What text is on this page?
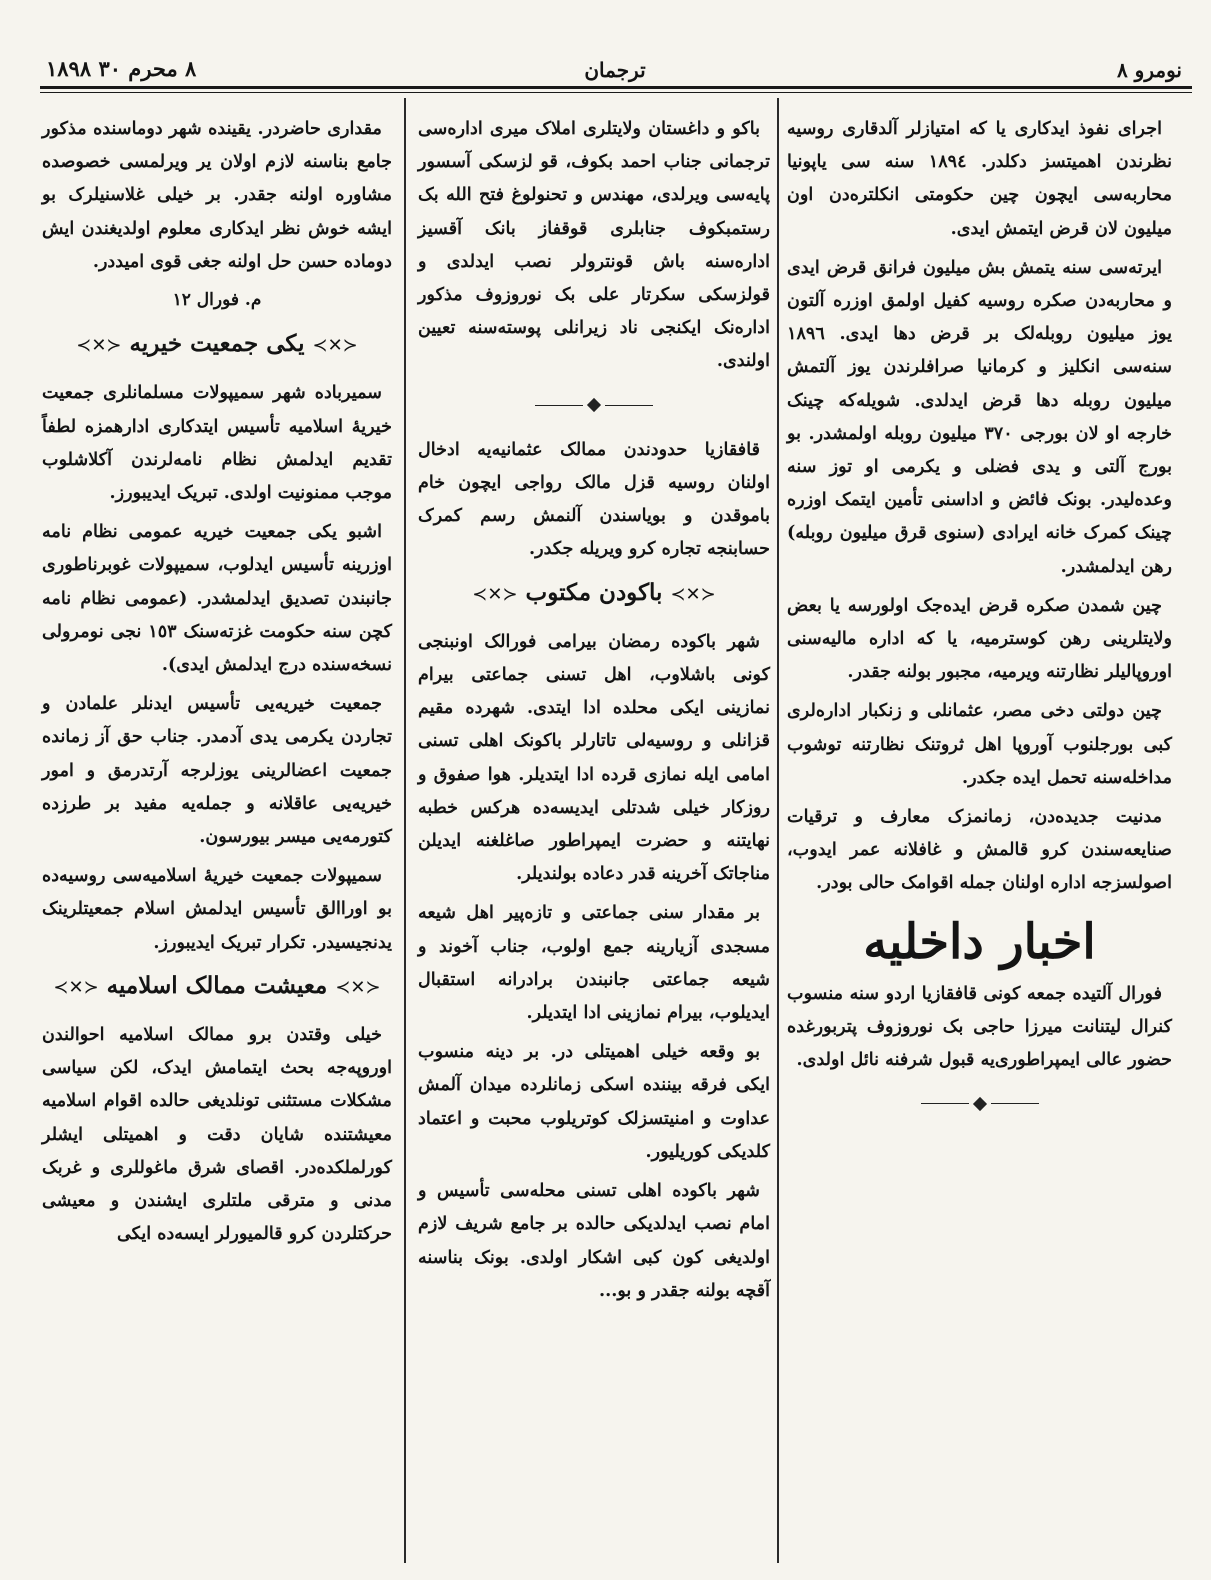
نومرو ٨
ترجمان
٨ محرم ٣٠ ١٨٩٨

اجرای نفوذ ایدکاری یا که امتیازلر آلدقاری روسیه نظرندن اهمیتسز دکلدر. ١٨٩٤ سنه سی یاپونیا محاربه‌سی ایچون چین حکومتی انکلتره‌دن اون میلیون لان قرض ایتمش ایدی.

ایرته‌سی سنه یتمش بش میلیون فرانق قرض ایدی و محاربه‌دن صکره روسیه کفیل اولمق اوزره آلتون یوز میلیون روبله‌لک بر قرض دها ایدی. ١٨٩٦ سنه‌سی انکلیز و کرمانیا صرافلرندن یوز آلتمش میلیون روبله دها قرض ایدلدی. شویله‌که چینک خارجه او لان بورجی ٣٧٠ میلیون روبله اولمشدر. بو بورج آلتی و یدی فضلی و یکرمی او توز سنه وعده‌لیدر. بونک فائض و اداسنی تأمین ایتمک اوزره چینک کمرک خانه ایرادی (سنوی قرق میلیون روبله) رهن ایدلمشدر.

چین شمدن صکره قرض ایده‌جک اولورسه یا بعض ولایتلرینی رهن کوسترمیه، یا که اداره مالیه‌سنی اوروپالیلر نظارتنه ویرمیه، مجبور بولنه جقدر.

چین دولتی دخی مصر، عثمانلی و زنکبار اداره‌لری کبی بورجلنوب آوروپا اهل ثروتنک نظارتنه توشوب مداخله‌سنه تحمل ایده جکدر.

مدنیت جدیده‌دن، زمانمزک معارف و ترقیات صنایعه‌سندن کرو قالمش و غافلانه عمر ایدوب، اصولسزجه اداره اولنان جمله اقوامک حالی بودر.

اخبار داخلیه

فورال آلتیده جمعه کونی قافقازیا اردو سنه منسوب کنرال لیتنانت میرزا حاجی بک نوروزوف پتربورغده حضور عالی ایمپراطوری‌یه قبول شرفنه نائل اولدی.

باکو و داغستان ولایتلری املاک میری اداره‌سی ترجمانی جناب احمد بکوف، قو لزسکی آسسور پایه‌سی ویرلدی، مهندس و تحنولوغ فتح الله بک رستمبکوف جنابلری قوقفاز بانک آقسیز اداره‌سنه باش قونترولر نصب ایدلدی و قولزسکی سکرتار علی بک نوروزوف مذکور اداره‌نک ایکنجی ناد زیرانلی پوسته‌سنه تعیین اولندی.

قافقازیا حدودندن ممالک عثمانیه‌یه ادخال اولنان روسیه قزل مالک رواجی ایچون خام باموقدن و بویاسندن آلنمش رسم کمرک حسابنجه تجاره کرو ویریله جکدر.

≺✕≻باکودن مکتوب≺✕≻

شهر باکوده رمضان بیرامی فورالک اونبنجی کونی باشلاوب، اهل تسنی جماعتی بیرام نمازینی ایکی محلده ادا ایتدی. شهرده مقیم قزانلی و روسیه‌لی تاتارلر باکونک اهلی تسنی امامی ایله نمازی قرده ادا ایتدیلر. هوا صفوق و روزکار خیلی شدتلی ایدیسه‌ده هرکس خطبه نهایتنه و حضرت ایمپراطور صاغلغنه ایدیلن مناجاتک آخرینه قدر دعاده بولندیلر.

بر مقدار سنی جماعتی و تازه‌پیر اهل شیعه مسجدی آزیارینه جمع اولوب، جناب آخوند و شیعه جماعتی جانبندن برادرانه استقبال ایدیلوب، بیرام نمازینی ادا ایتدیلر.

بو وقعه خیلی اهمیتلی در. بر دینه منسوب ایکی فرقه بیننده اسکی زمانلرده میدان آلمش عداوت و امنیتسزلک کوتریلوب محبت و اعتماد کلدیکی کوریلیور.

شهر باکوده اهلی تسنی محله‌سی تأسیس و امام نصب ایدلدیکی حالده بر جامع شریف لازم اولدیغی کون کبی اشکار اولدی. بونک بناسنه آقچه بولنه جقدر و بو...

مقداری حاضردر. یقینده شهر دوماسنده مذکور جامع بناسنه لازم اولان یر ویرلمسی خصوصده مشاوره اولنه جقدر. بر خیلی غلاسنیلرک بو ایشه خوش نظر ایدکاری معلوم اولدیغندن ایش دوماده حسن حل اولنه جغی قوی امیددر.

م. فورال ١٢
≺✕≻یکی جمعیت خیریه≺✕≻

سمیرباده شهر سمیپولات مسلمانلری جمعیت خیریهٔ اسلامیه تأسیس ایتدکاری ادارهمزه لطفاً تقدیم ایدلمش نظام نامه‌لرندن آکلاشلوب موجب ممنونیت اولدی. تبریک ایدیبورز.

اشبو یکی جمعیت خیریه عمومی نظام نامه اوزرینه تأسیس ایدلوب، سمیپولات غوبرناطوری جانبندن تصدیق ایدلمشدر. (عمومی نظام نامه کچن سنه حکومت غزته‌سنک ١٥٣ نجی نومرولی نسخه‌سنده درج ایدلمش ایدی).

جمعیت خیریه‌یی تأسیس ایدنلر علمادن و تجاردن یکرمی یدی آدمدر. جناب حق آز زمانده جمعیت اعضالرینی یوزلرجه آرتدرمق و امور خیریه‌یی عاقلانه و جمله‌یه مفید بر طرزده کتورمه‌یی میسر بیورسون.

سمیپولات جمعیت خیریهٔ اسلامیه‌سی روسیه‌ده بو اوراالق تأسیس ایدلمش اسلام جمعیتلرینک یدنجیسیدر. تکرار تبریک ایدیبورز.

≺✕≻معیشت ممالک اسلامیه≺✕≻

خیلی وقتدن برو ممالک اسلامیه احوالندن اوروپه‌جه بحث ایتمامش ایدک، لکن سیاسی مشکلات مستثنی تونلدیغی حالده اقوام اسلامیه معیشتنده شایان دقت و اهمیتلی ایشلر کورلملکده‌در. اقصای شرق ماغوللری و غربک مدنی و مترقی ملتلری ایشندن و معیشی حرکتلردن کرو قالمیورلر ایسه‌ده ایکی
